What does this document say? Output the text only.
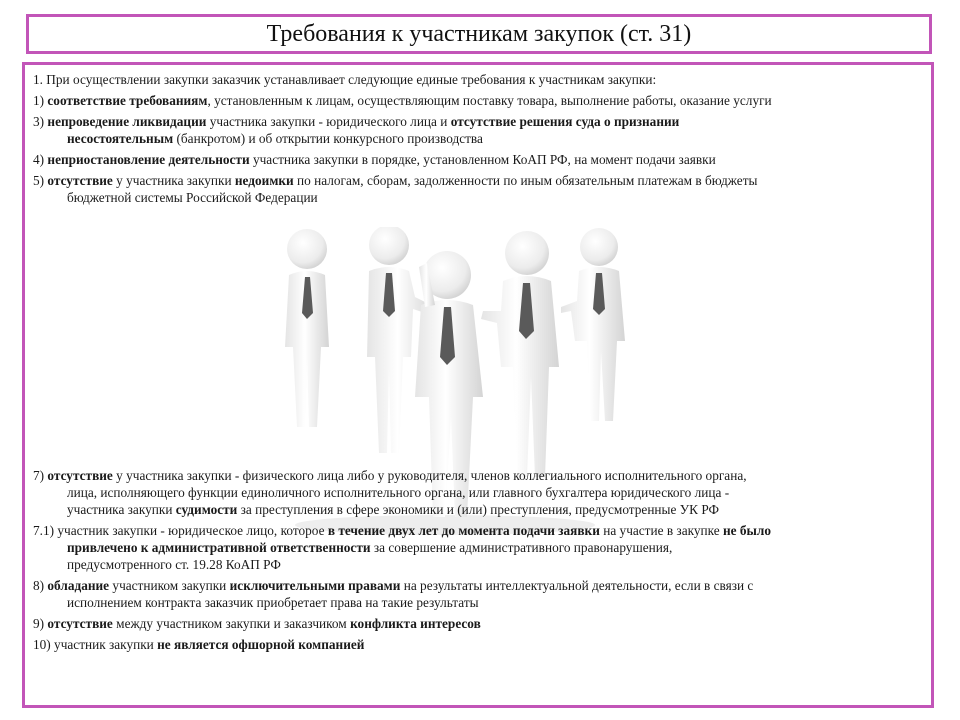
Требования к участникам закупок (ст. 31)
1. При осуществлении закупки заказчик устанавливает следующие единые требования к участникам закупки:
1) соответствие требованиям, установленным к лицам, осуществляющим поставку товара, выполнение работы, оказание услуги
3) непроведение ликвидации участника закупки - юридического лица и отсутствие решения суда о признании
несостоятельным (банкротом) и об открытии конкурсного производства
4) неприостановление деятельности участника закупки в порядке, установленном КоАП РФ, на момент подачи заявки
5) отсутствие у участника закупки недоимки по налогам, сборам, задолженности по иным обязательным платежам в бюджеты
бюджетной системы Российской Федерации
7) отсутствие у участника закупки - физического лица либо у руководителя, членов коллегиального исполнительного органа,
лица, исполняющего функции единоличного исполнительного органа, или главного бухгалтера юридического лица -
участника закупки судимости за преступления в сфере экономики и (или) преступления, предусмотренные УК РФ
7.1) участник закупки - юридическое лицо, которое в течение двух лет до момента подачи заявки на участие в закупке не было
привлечено к административной ответственности за совершение административного правонарушения,
предусмотренного ст. 19.28 КоАП РФ
8) обладание участником закупки исключительными правами на результаты интеллектуальной деятельности, если в связи с
исполнением контракта заказчик приобретает права на такие результаты
9) отсутствие между участником закупки и заказчиком конфликта интересов
10) участник закупки не является офшорной компанией
